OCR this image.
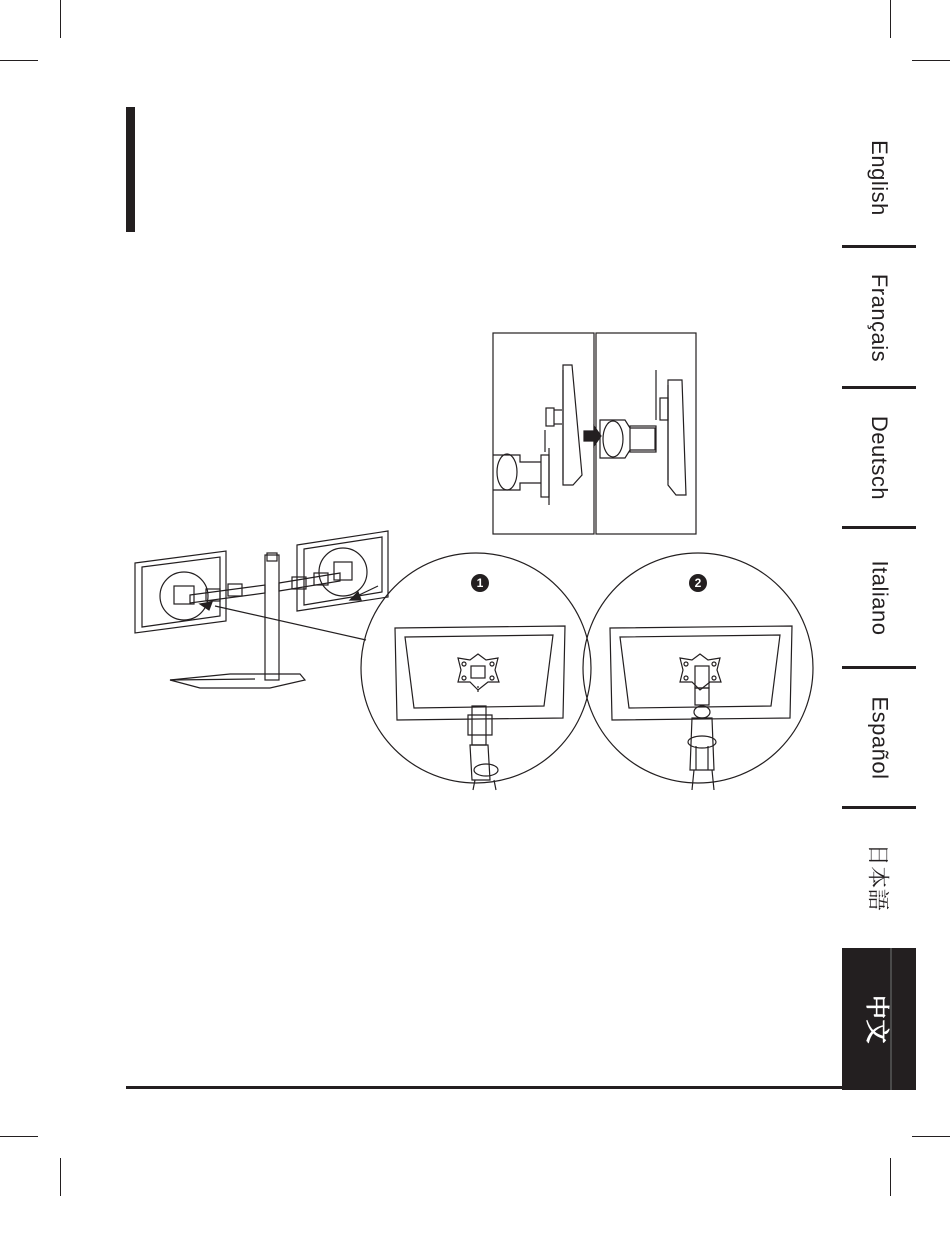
English
Français
Deutsch
Italiano
Español
日本語
中文
1	2
